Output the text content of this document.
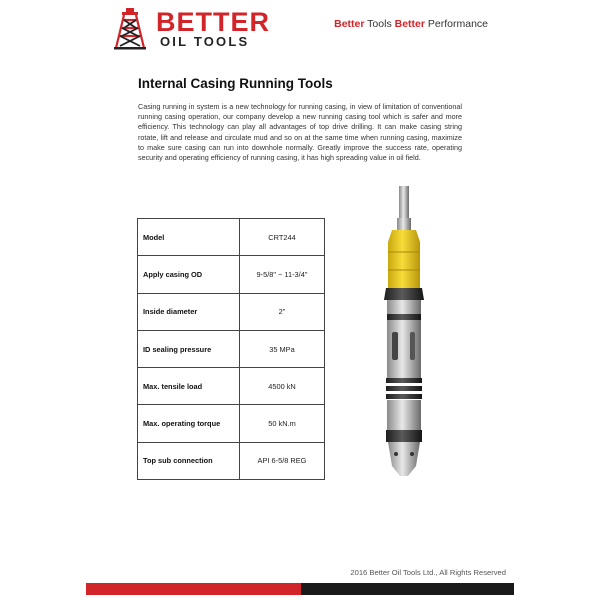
BETTER
OIL TOOLS
Better Tools Better Performance
Internal Casing Running Tools

Casing running in system is a new technology for running casing, in view of limitation of conventional running casing operation, our company develop a new running casing tool which is safer and more efficiency. This technology can play all advantages of top drive drilling. It can make casing string rotate, lift and release and circulate mud and so on at the same time when running casing, maximize to make sure casing can run into downhole normally. Greatly improve the success rate, operating security and operating efficiency of running casing, it has high spreading value in oil field.

Model	CRT244
Apply casing OD	9-5/8" ~ 11-3/4"
Inside diameter	2"
ID sealing pressure	35 MPa
Max. tensile load	4500 kN
Max. operating torque	50 kN.m
Top sub connection	API 6-5/8 REG
2016 Better Oil Tools Ltd., All Rights Reserved
